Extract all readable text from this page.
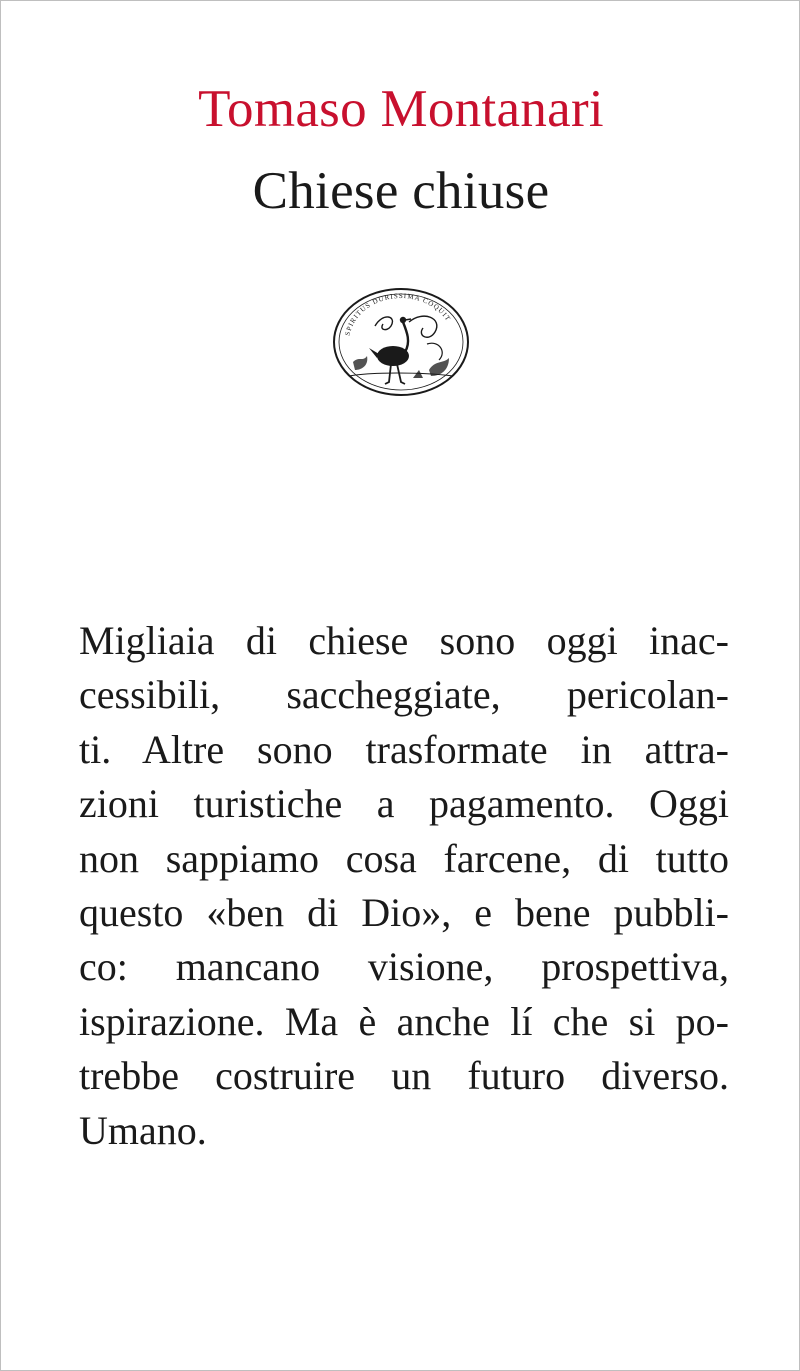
Tomaso Montanari
Chiese chiuse
SPIRITUS DURISSIMA COQUIT
Migliaia di chiese sono oggi inac-
cessibili, saccheggiate, pericolan-
ti. Altre sono trasformate in attra-
zioni turistiche a pagamento. Oggi
non sappiamo cosa farcene, di tutto
questo «ben di Dio», e bene pubbli-
co: mancano visione, prospettiva,
ispirazione. Ma è anche lí che si po-
trebbe costruire un futuro diverso.
Umano.
